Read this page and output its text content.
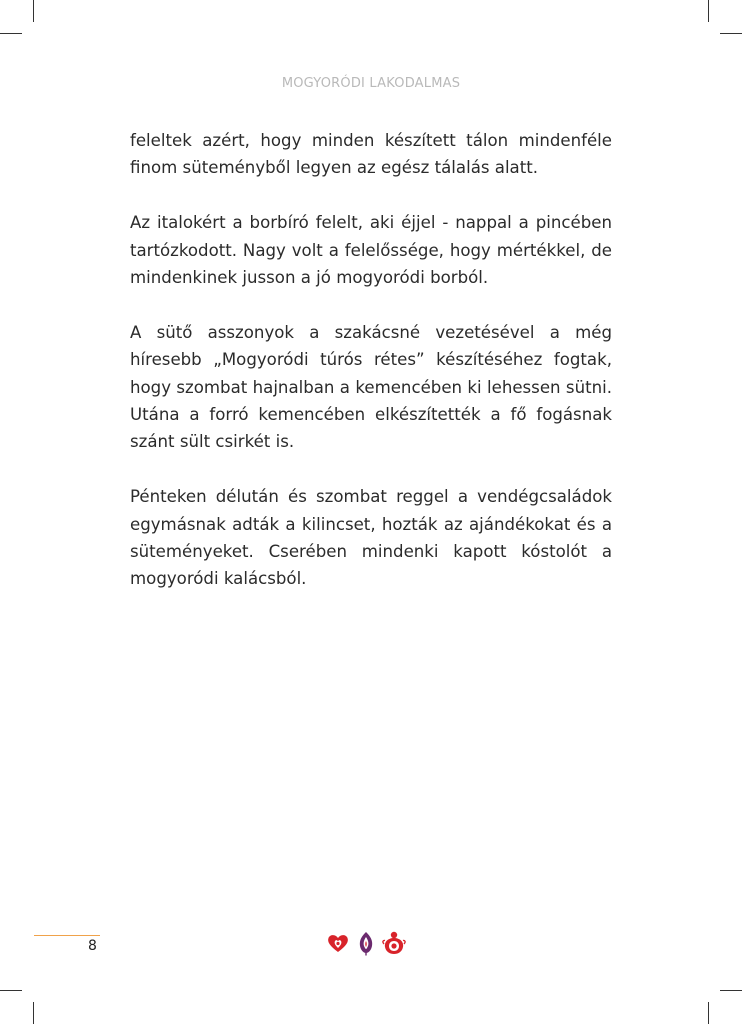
MOGYORÓDI LAKODALMAS

feleltek azért, hogy minden készített tálon mindenféle finom süteményből legyen az egész tálalás alatt.

Az italokért a borbíró felelt, aki éjjel - nappal a pincében tartózkodott. Nagy volt a felelőssége, hogy mértékkel, de mindenkinek jusson a jó mogyoródi borból.

A sütő asszonyok a szakácsné vezetésével a még híresebb „Mogyoródi túrós rétes” készítéséhez fogtak, hogy szombat hajnalban a kemencében ki lehessen sütni. Utána a forró kemencében elkészítették a fő fogásnak szánt sült csirkét is.

Pénteken délután és szombat reggel a vendégcsaládok egymásnak adták a kilincset, hozták az ajándékokat és a süteményeket. Cserében mindenki kapott kóstolót a mogyoródi kalácsból.

8
